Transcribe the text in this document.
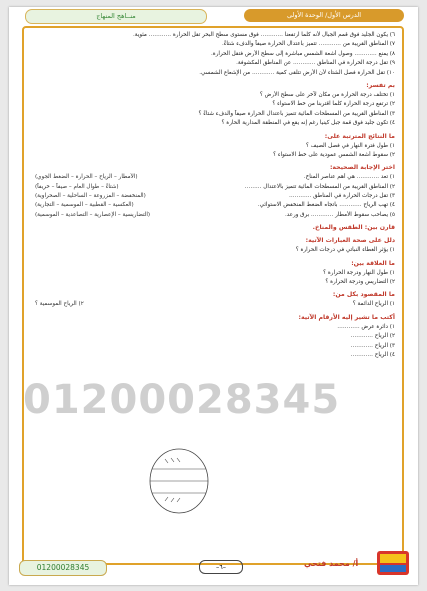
منــاهج المنهاج	الدرس الأول/ الوحدة الأولى
01200028345
٦) يكون الجليد فوق قمم الجبال لأنه كلما ارتفعنا ………… فوق مستوى سطح البحر تقل الحرارة ………… مئوية.
٧) المناطق القريبة من ………… تتميز باعتدال الحرارة صيفاً والدفء شتاءً.
٨) يمنع ………… وصول أشعة الشمس مباشرة إلى سطح الأرض فتقل الحرارة.
٩) تقل درجة الحرارة في المناطق ………… عن المناطق المكشوفة.
١٠) تقل الحرارة فصل الشتاء لأن الأرض تتلقى كمية ………… من الإشعاع الشمسي.
بم تفسر:
١) تختلف درجة الحرارة من مكان لآخر على سطح الأرض ؟
٢) ترتفع درجة الحرارة كلما اقتربنا من خط الاستواء ؟
٣) المناطق القريبة من المسطحات المائية تتميز باعتدال الحرارة صيفاً والدفء شتاءً ؟
٤) تكون جليد فوق قمة جبل كينيا رغم إنه يقع في المنطقة المدارية الحارة ؟
ما النتائج المترتبة على:
١) طول فترة النهار في فصل الصيف ؟
٢) سقوط أشعة الشمس عمودية على خط الاستواء ؟
اختر الإجابة الصحيحة:
١) تعد ………… هي أهم عناصر المناخ.
(الأمطار – الرياح – الحرارة – الضغط الجوي)
٢) المناطق القريبة من المسطحات المائية تتميز بالاعتدال ………
(شتاءً – طوال العام – صيفاً – خريفاً)
٣) تقل درجات الحرارة في المناطق …………
(المنخفضة – المزروعة – الساحلية – الصحراوية)
٤) تهب الرياح ………… باتجاه الضغط المنخفض الاستوائي.
(العكسية – القطبية – الموسمية – التجارية)
٥) يصاحب سقوط الأمطار ………… برق ورعد.
(التضاريسية – الإعصارية – التصاعدية – الموسمية)
قارن بين: الطقس والمناخ.
دلل على صحة العبارات الآتية:
١) يؤثر الغطاء النباتي في درجات الحرارة ؟
ما العلاقة بين:
١) طول النهار ودرجة الحرارة ؟
٢) التضاريس ودرجة الحرارة ؟
ما المقصود بكل من:
١) الرياح الدائمة ؟
٢) الرياح الموسمية ؟
أكتب ما تشير إليه الأرقام الآتية:
١) دائرة عرض …………
٢) الرياح …………
٣) الرياح …………
٤) الرياح …………
01200028345	–٦–	أ/ محمد فتحي
